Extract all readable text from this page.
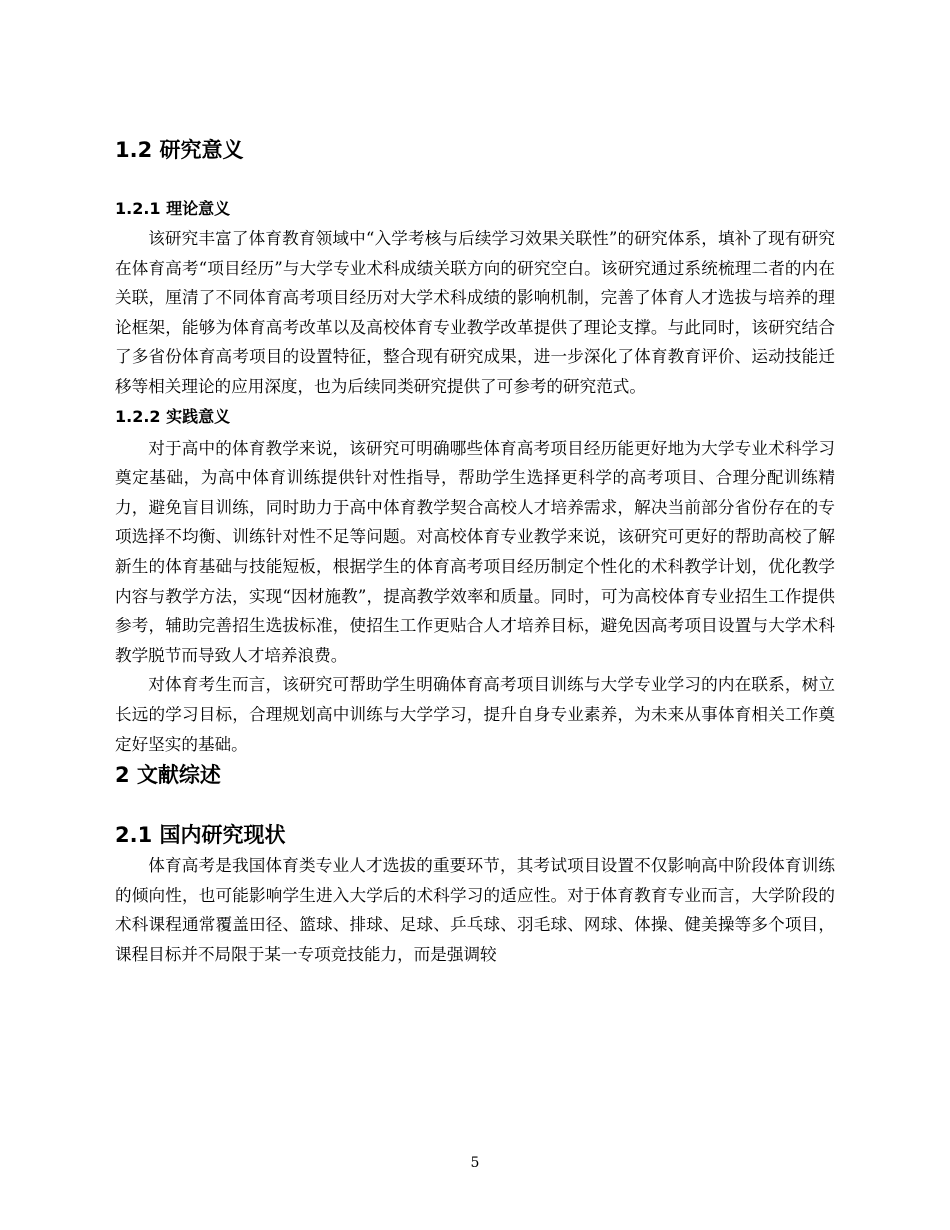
1.2 研究意义
1.2.1 理论意义

该研究丰富了体育教育领域中“入学考核与后续学习效果关联性”的研究体系，填补了现有研究在体育高考“项目经历”与大学专业术科成绩关联方向的研究空白。该研究通过系统梳理二者的内在关联，厘清了不同体育高考项目经历对大学术科成绩的影响机制，完善了体育人才选拔与培养的理论框架，能够为体育高考改革以及高校体育专业教学改革提供了理论支撑。与此同时，该研究结合了多省份体育高考项目的设置特征，整合现有研究成果，进一步深化了体育教育评价、运动技能迁移等相关理论的应用深度，也为后续同类研究提供了可参考的研究范式。

1.2.2 实践意义

对于高中的体育教学来说，该研究可明确哪些体育高考项目经历能更好地为大学专业术科学习奠定基础，为高中体育训练提供针对性指导，帮助学生选择更科学的高考项目、合理分配训练精力，避免盲目训练，同时助力于高中体育教学契合高校人才培养需求，解决当前部分省份存在的专项选择不均衡、训练针对性不足等问题。对高校体育专业教学来说，该研究可更好的帮助高校了解新生的体育基础与技能短板，根据学生的体育高考项目经历制定个性化的术科教学计划，优化教学内容与教学方法，实现“因材施教”，提高教学效率和质量。同时，可为高校体育专业招生工作提供参考，辅助完善招生选拔标准，使招生工作更贴合人才培养目标，避免因高考项目设置与大学术科教学脱节而导致人才培养浪费。

对体育考生而言，该研究可帮助学生明确体育高考项目训练与大学专业学习的内在联系，树立长远的学习目标，合理规划高中训练与大学学习，提升自身专业素养，为未来从事体育相关工作奠定好坚实的基础。

2 文献综述
2.1 国内研究现状

体育高考是我国体育类专业人才选拔的重要环节，其考试项目设置不仅影响高中阶段体育训练的倾向性，也可能影响学生进入大学后的术科学习的适应性。对于体育教育专业而言，大学阶段的术科课程通常覆盖田径、篮球、排球、足球、乒乓球、羽毛球、网球、体操、健美操等多个项目，课程目标并不局限于某一专项竞技能力，而是强调较

5
